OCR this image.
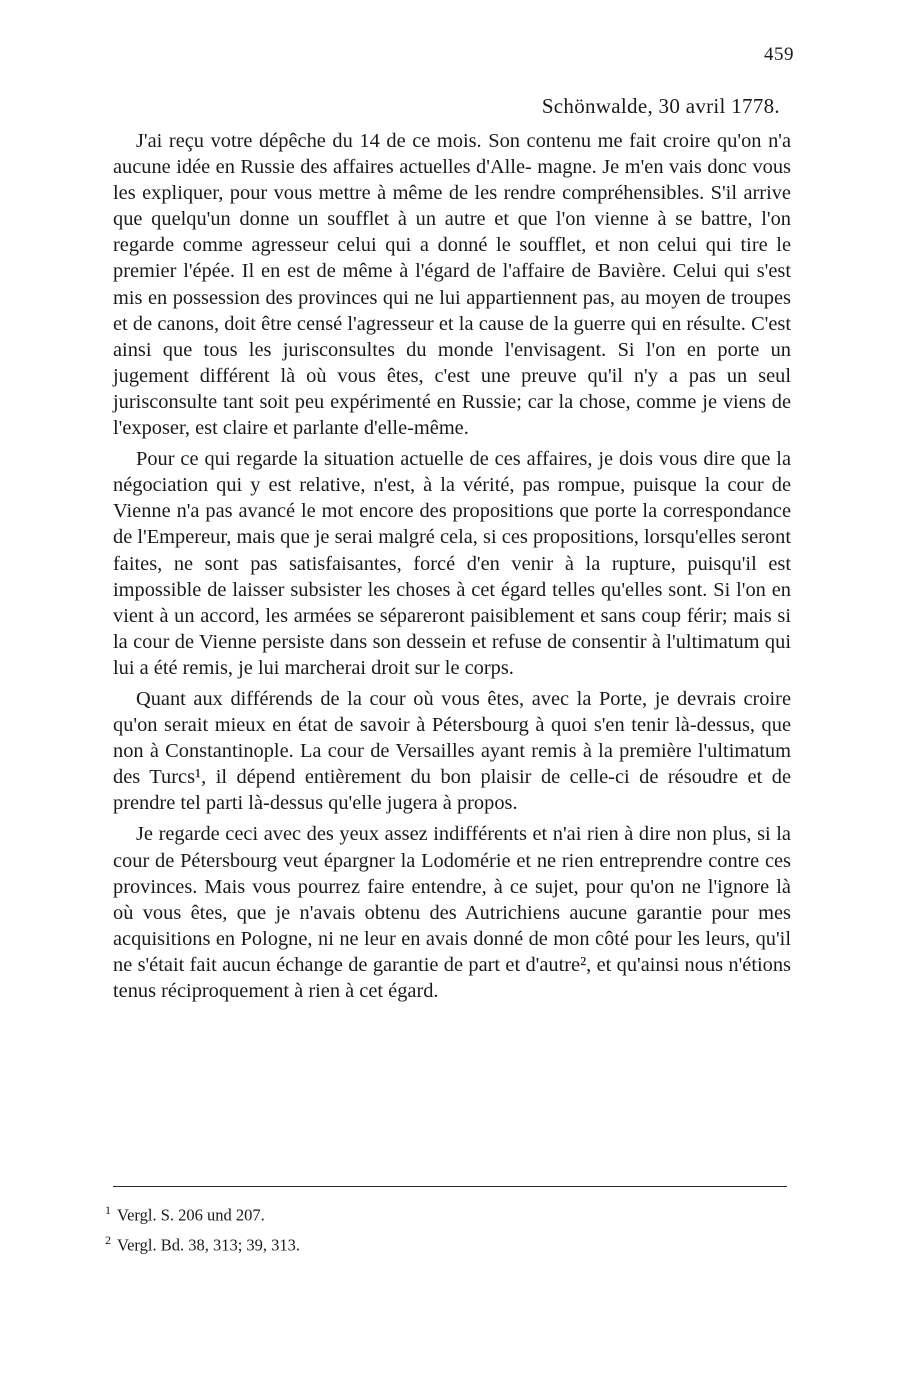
459
Schönwalde, 30 avril 1778.

J'ai reçu votre dépêche du 14 de ce mois. Son contenu me fait croire qu'on n'a aucune idée en Russie des affaires actuelles d'Alle- magne. Je m'en vais donc vous les expliquer, pour vous mettre à même de les rendre compréhensibles. S'il arrive que quelqu'un donne un soufflet à un autre et que l'on vienne à se battre, l'on regarde comme agresseur celui qui a donné le soufflet, et non celui qui tire le premier l'épée. Il en est de même à l'égard de l'affaire de Bavière. Celui qui s'est mis en possession des provinces qui ne lui appartiennent pas, au moyen de troupes et de canons, doit être censé l'agresseur et la cause de la guerre qui en résulte. C'est ainsi que tous les jurisconsultes du monde l'envisagent. Si l'on en porte un jugement différent là où vous êtes, c'est une preuve qu'il n'y a pas un seul jurisconsulte tant soit peu expérimenté en Russie; car la chose, comme je viens de l'exposer, est claire et parlante d'elle-même.

Pour ce qui regarde la situation actuelle de ces affaires, je dois vous dire que la négociation qui y est relative, n'est, à la vérité, pas rompue, puisque la cour de Vienne n'a pas avancé le mot encore des propositions que porte la correspondance de l'Empereur, mais que je serai malgré cela, si ces propositions, lorsqu'elles seront faites, ne sont pas satisfaisantes, forcé d'en venir à la rupture, puisqu'il est impossible de laisser subsister les choses à cet égard telles qu'elles sont. Si l'on en vient à un accord, les armées se sépareront paisiblement et sans coup férir; mais si la cour de Vienne persiste dans son dessein et refuse de consentir à l'ultimatum qui lui a été remis, je lui marcherai droit sur le corps.

Quant aux différends de la cour où vous êtes, avec la Porte, je devrais croire qu'on serait mieux en état de savoir à Pétersbourg à quoi s'en tenir là-dessus, que non à Constantinople. La cour de Versailles ayant remis à la première l'ultimatum des Turcs¹, il dépend entièrement du bon plaisir de celle-ci de résoudre et de prendre tel parti là-dessus qu'elle jugera à propos.

Je regarde ceci avec des yeux assez indifférents et n'ai rien à dire non plus, si la cour de Pétersbourg veut épargner la Lodomérie et ne rien entreprendre contre ces provinces. Mais vous pourrez faire entendre, à ce sujet, pour qu'on ne l'ignore là où vous êtes, que je n'avais obtenu des Autrichiens aucune garantie pour mes acquisitions en Pologne, ni ne leur en avais donné de mon côté pour les leurs, qu'il ne s'était fait aucun échange de garantie de part et d'autre², et qu'ainsi nous n'étions tenus réciproquement à rien à cet égard.

$^1$ Vergl. S. 206 und 207.
$^2$ Vergl. Bd. 38, 313; 39, 313.
